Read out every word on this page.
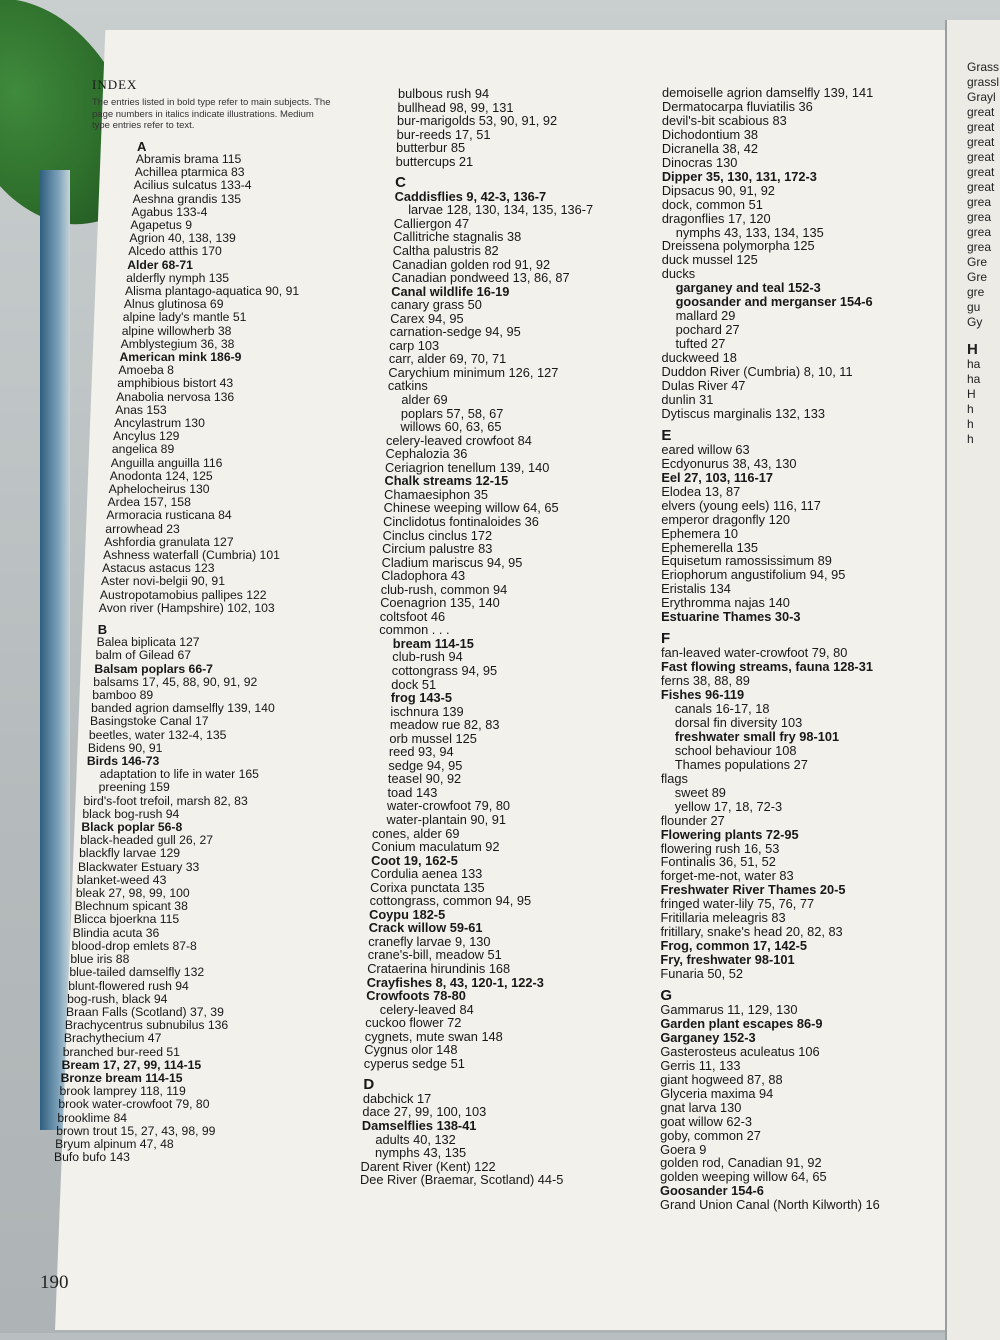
Grass
grassl
Grayl
great
great
great
great
great
great
grea
grea
grea
grea
Gre
Gre
gre
gu
Gy
H
ha
ha
H
h
h
h
INDEX
The entries listed in bold type refer to main subjects. The page numbers in italics indicate illustrations. Medium type entries refer to text.
A
Abramis brama 115
Achillea ptarmica 83
Acilius sulcatus 133-4
Aeshna grandis 135
Agabus 133-4
Agapetus 9
Agrion 40, 138, 139
Alcedo atthis 170
Alder 68-71
alderfly nymph 135
Alisma plantago-aquatica 90, 91
Alnus glutinosa 69
alpine lady's mantle 51
alpine willowherb 38
Amblystegium 36, 38
American mink 186-9
Amoeba 8
amphibious bistort 43
Anabolia nervosa 136
Anas 153
Ancylastrum 130
Ancylus 129
angelica 89
Anguilla anguilla 116
Anodonta 124, 125
Aphelocheirus 130
Ardea 157, 158
Armoracia rusticana 84
arrowhead 23
Ashfordia granulata 127
Ashness waterfall (Cumbria) 101
Astacus astacus 123
Aster novi-belgii 90, 91
Austropotamobius pallipes 122
Avon river (Hampshire) 102, 103
B
Balea biplicata 127
balm of Gilead 67
Balsam poplars 66-7
balsams 17, 45, 88, 90, 91, 92
bamboo 89
banded agrion damselfly 139, 140
Basingstoke Canal 17
beetles, water 132-4, 135
Bidens 90, 91
Birds 146-73
adaptation to life in water 165
preening 159
bird's-foot trefoil, marsh 82, 83
black bog-rush 94
Black poplar 56-8
black-headed gull 26, 27
blackfly larvae 129
Blackwater Estuary 33
blanket-weed 43
bleak 27, 98, 99, 100
Blechnum spicant 38
Blicca bjoerkna 115
Blindia acuta 36
blood-drop emlets 87-8
blue iris 88
blue-tailed damselfly 132
blunt-flowered rush 94
bog-rush, black 94
Braan Falls (Scotland) 37, 39
Brachycentrus subnubilus 136
Brachythecium 47
branched bur-reed 51
Bream 17, 27, 99, 114-15
Bronze bream 114-15
brook lamprey 118, 119
brook water-crowfoot 79, 80
brooklime 84
brown trout 15, 27, 43, 98, 99
Bryum alpinum 47, 48
Bufo bufo 143
bulbous rush 94
bullhead 98, 99, 131
bur-marigolds 53, 90, 91, 92
bur-reeds 17, 51
butterbur 85
buttercups 21
C
Caddisflies 9, 42-3, 136-7
larvae 128, 130, 134, 135, 136-7
Calliergon 47
Callitriche stagnalis 38
Caltha palustris 82
Canadian golden rod 91, 92
Canadian pondweed 13, 86, 87
Canal wildlife 16-19
canary grass 50
Carex 94, 95
carnation-sedge 94, 95
carp 103
carr, alder 69, 70, 71
Carychium minimum 126, 127
catkins
alder 69
poplars 57, 58, 67
willows 60, 63, 65
celery-leaved crowfoot 84
Cephalozia 36
Ceriagrion tenellum 139, 140
Chalk streams 12-15
Chamaesiphon 35
Chinese weeping willow 64, 65
Cinclidotus fontinaloides 36
Cinclus cinclus 172
Circium palustre 83
Cladium mariscus 94, 95
Cladophora 43
club-rush, common 94
Coenagrion 135, 140
coltsfoot 46
common . . .
bream 114-15
club-rush 94
cottongrass 94, 95
dock 51
frog 143-5
ischnura 139
meadow rue 82, 83
orb mussel 125
reed 93, 94
sedge 94, 95
teasel 90, 92
toad 143
water-crowfoot 79, 80
water-plantain 90, 91
cones, alder 69
Conium maculatum 92
Coot 19, 162-5
Cordulia aenea 133
Corixa punctata 135
cottongrass, common 94, 95
Coypu 182-5
Crack willow 59-61
cranefly larvae 9, 130
crane's-bill, meadow 51
Crataerina hirundinis 168
Crayfishes 8, 43, 120-1, 122-3
Crowfoots 78-80
celery-leaved 84
cuckoo flower 72
cygnets, mute swan 148
Cygnus olor 148
cyperus sedge 51
D
dabchick 17
dace 27, 99, 100, 103
Damselflies 138-41
adults 40, 132
nymphs 43, 135
Darent River (Kent) 122
Dee River (Braemar, Scotland) 44-5
demoiselle agrion damselfly 139, 141
Dermatocarpa fluviatilis 36
devil's-bit scabious 83
Dichodontium 38
Dicranella 38, 42
Dinocras 130
Dipper 35, 130, 131, 172-3
Dipsacus 90, 91, 92
dock, common 51
dragonflies 17, 120
nymphs 43, 133, 134, 135
Dreissena polymorpha 125
duck mussel 125
ducks
garganey and teal 152-3
goosander and merganser 154-6
mallard 29
pochard 27
tufted 27
duckweed 18
Duddon River (Cumbria) 8, 10, 11
Dulas River 47
dunlin 31
Dytiscus marginalis 132, 133
E
eared willow 63
Ecdyonurus 38, 43, 130
Eel 27, 103, 116-17
Elodea 13, 87
elvers (young eels) 116, 117
emperor dragonfly 120
Ephemera 10
Ephemerella 135
Equisetum ramossissimum 89
Eriophorum angustifolium 94, 95
Eristalis 134
Erythromma najas 140
Estuarine Thames 30-3
F
fan-leaved water-crowfoot 79, 80
Fast flowing streams, fauna 128-31
ferns 38, 88, 89
Fishes 96-119
canals 16-17, 18
dorsal fin diversity 103
freshwater small fry 98-101
school behaviour 108
Thames populations 27
flags
sweet 89
yellow 17, 18, 72-3
flounder 27
Flowering plants 72-95
flowering rush 16, 53
Fontinalis 36, 51, 52
forget-me-not, water 83
Freshwater River Thames 20-5
fringed water-lily 75, 76, 77
Fritillaria meleagris 83
fritillary, snake's head 20, 82, 83
Frog, common 17, 142-5
Fry, freshwater 98-101
Funaria 50, 52
G
Gammarus 11, 129, 130
Garden plant escapes 86-9
Garganey 152-3
Gasterosteus aculeatus 106
Gerris 11, 133
giant hogweed 87, 88
Glyceria maxima 94
gnat larva 130
goat willow 62-3
goby, common 27
Goera 9
golden rod, Canadian 91, 92
golden weeping willow 64, 65
Goosander 154-6
Grand Union Canal (North Kilworth) 16
190
